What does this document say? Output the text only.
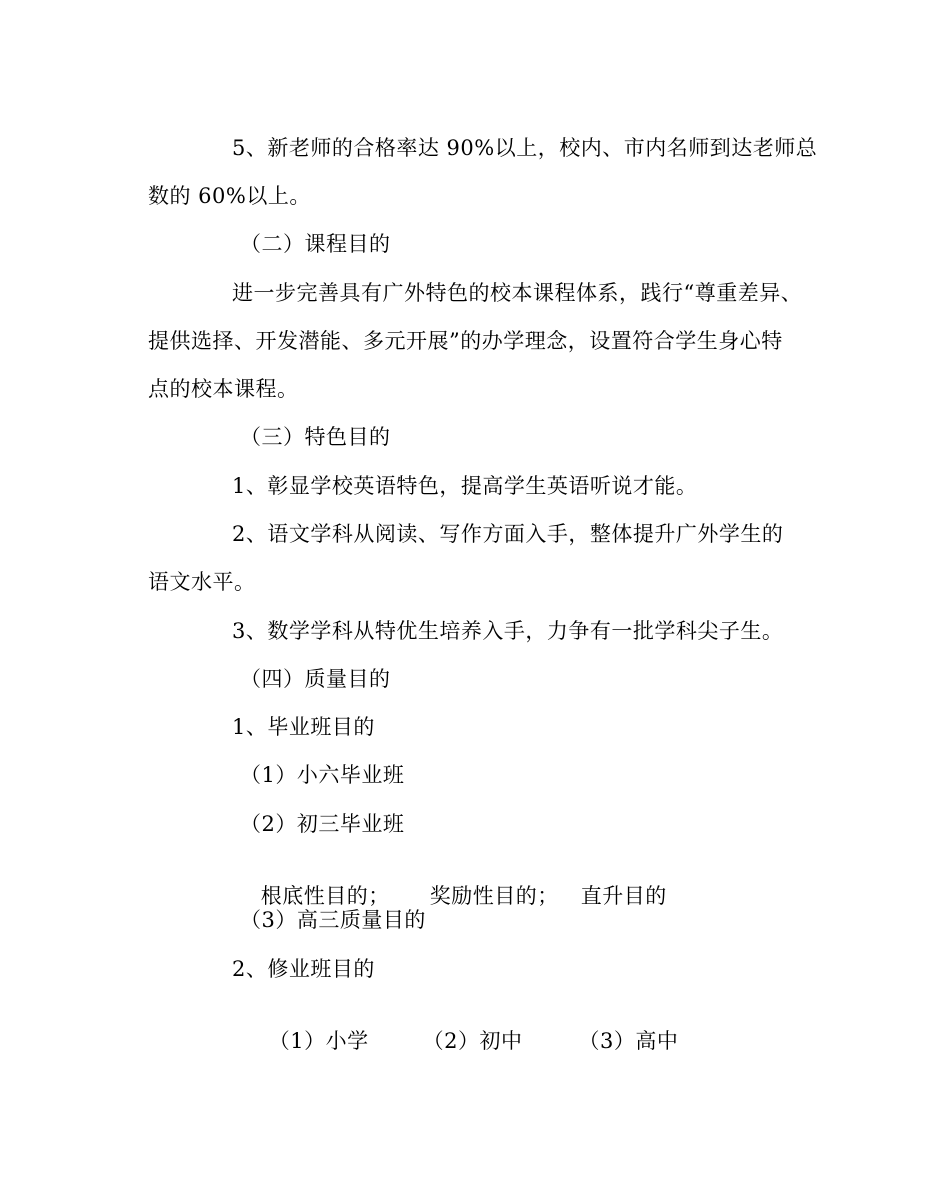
5、新老师的合格率达 90%以上，校内、市内名师到达老师总
数的 60%以上。
（二）课程目的
进一步完善具有广外特色的校本课程体系，践行“尊重差异、
提供选择、开发潜能、多元开展”的办学理念，设置符合学生身心特
点的校本课程。
（三）特色目的
1、彰显学校英语特色，提高学生英语听说才能。
2、语文学科从阅读、写作方面入手，整体提升广外学生的
语文水平。
3、数学学科从特优生培养入手，力争有一批学科尖子生。
（四）质量目的
1、毕业班目的
（1）小六毕业班
（2）初三毕业班

根底性目的； 奖励性目的； 直升目的

（3）高三质量目的
2、修业班目的

（1）小学	（2）初中	（3）高中
